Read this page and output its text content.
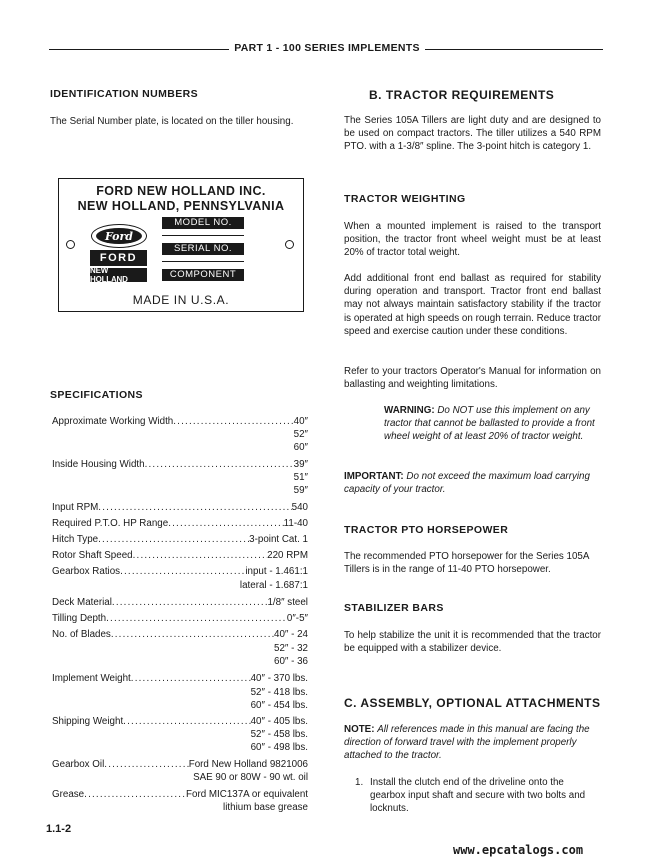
PART 1 - 100 SERIES IMPLEMENTS
IDENTIFICATION NUMBERS
The Serial Number plate, is located on the tiller housing.
FORD NEW HOLLAND INC.
NEW HOLLAND, PENNSYLVANIA
Ford
FORD
NEW HOLLAND
MODEL NO.
SERIAL NO.
COMPONENT
MADE IN U.S.A.
SPECIFICATIONS
Approximate Working Width .....	40″
52″
60″
Inside Housing Width .....	39″
51″
59″
Input RPM .....	540
Required P.T.O. HP Range .....	11-40
Hitch Type .....	3-point Cat. 1
Rotor Shaft Speed .....	220 RPM
Gearbox Ratios .....	input - 1.461:1
lateral - 1.687:1
Deck Material .....	1/8″ steel
Tilling Depth .....	0″-5″
No. of Blades .....	40″ - 24
52″ - 32
60″ - 36
Implement Weight .....	40″ - 370 lbs.
52″ - 418 lbs.
60″ - 454 lbs.
Shipping Weight .....	40″ - 405 lbs.
52″ - 458 lbs.
60″ - 498 lbs.
Gearbox Oil .....	Ford New Holland 9821006
SAE 90 or 80W - 90 wt. oil
Grease .....	Ford MIC137A or equivalent
lithium base grease
B. TRACTOR REQUIREMENTS
The Series 105A Tillers are light duty and are designed to be used on compact tractors. The tiller utilizes a 540 RPM PTO. with a 1-3/8″ spline. The 3-point hitch is category 1.
TRACTOR WEIGHTING
When a mounted implement is raised to the transport position, the tractor front wheel weight must be at least 20% of tractor total weight.
Add additional front end ballast as required for stability during operation and transport. Tractor front end ballast may not always maintain satisfactory stability if the tractor is operated at high speeds on rough terrain. Reduce tractor speed and exercise caution under these conditions.
Refer to your tractors Operator's Manual for information on ballasting and weighting limitations.
WARNING: Do NOT use this implement on any tractor that cannot be ballasted to provide a front wheel weight of at least 20% of tractor weight.
IMPORTANT: Do not exceed the maximum load carrying capacity of your tractor.
TRACTOR PTO HORSEPOWER
The recommended PTO horsepower for the Series 105A Tillers is in the range of 11-40 PTO horsepower.
STABILIZER BARS
To help stabilize the unit it is recommended that the tractor be equipped with a stabilizer device.
C. ASSEMBLY, OPTIONAL ATTACHMENTS
NOTE: All references made in this manual are facing the direction of forward travel with the implement properly attached to the tractor.
1. Install the clutch end of the driveline onto the gearbox input shaft and secure with two bolts and locknuts.
1.1-2
www.epcatalogs.com
